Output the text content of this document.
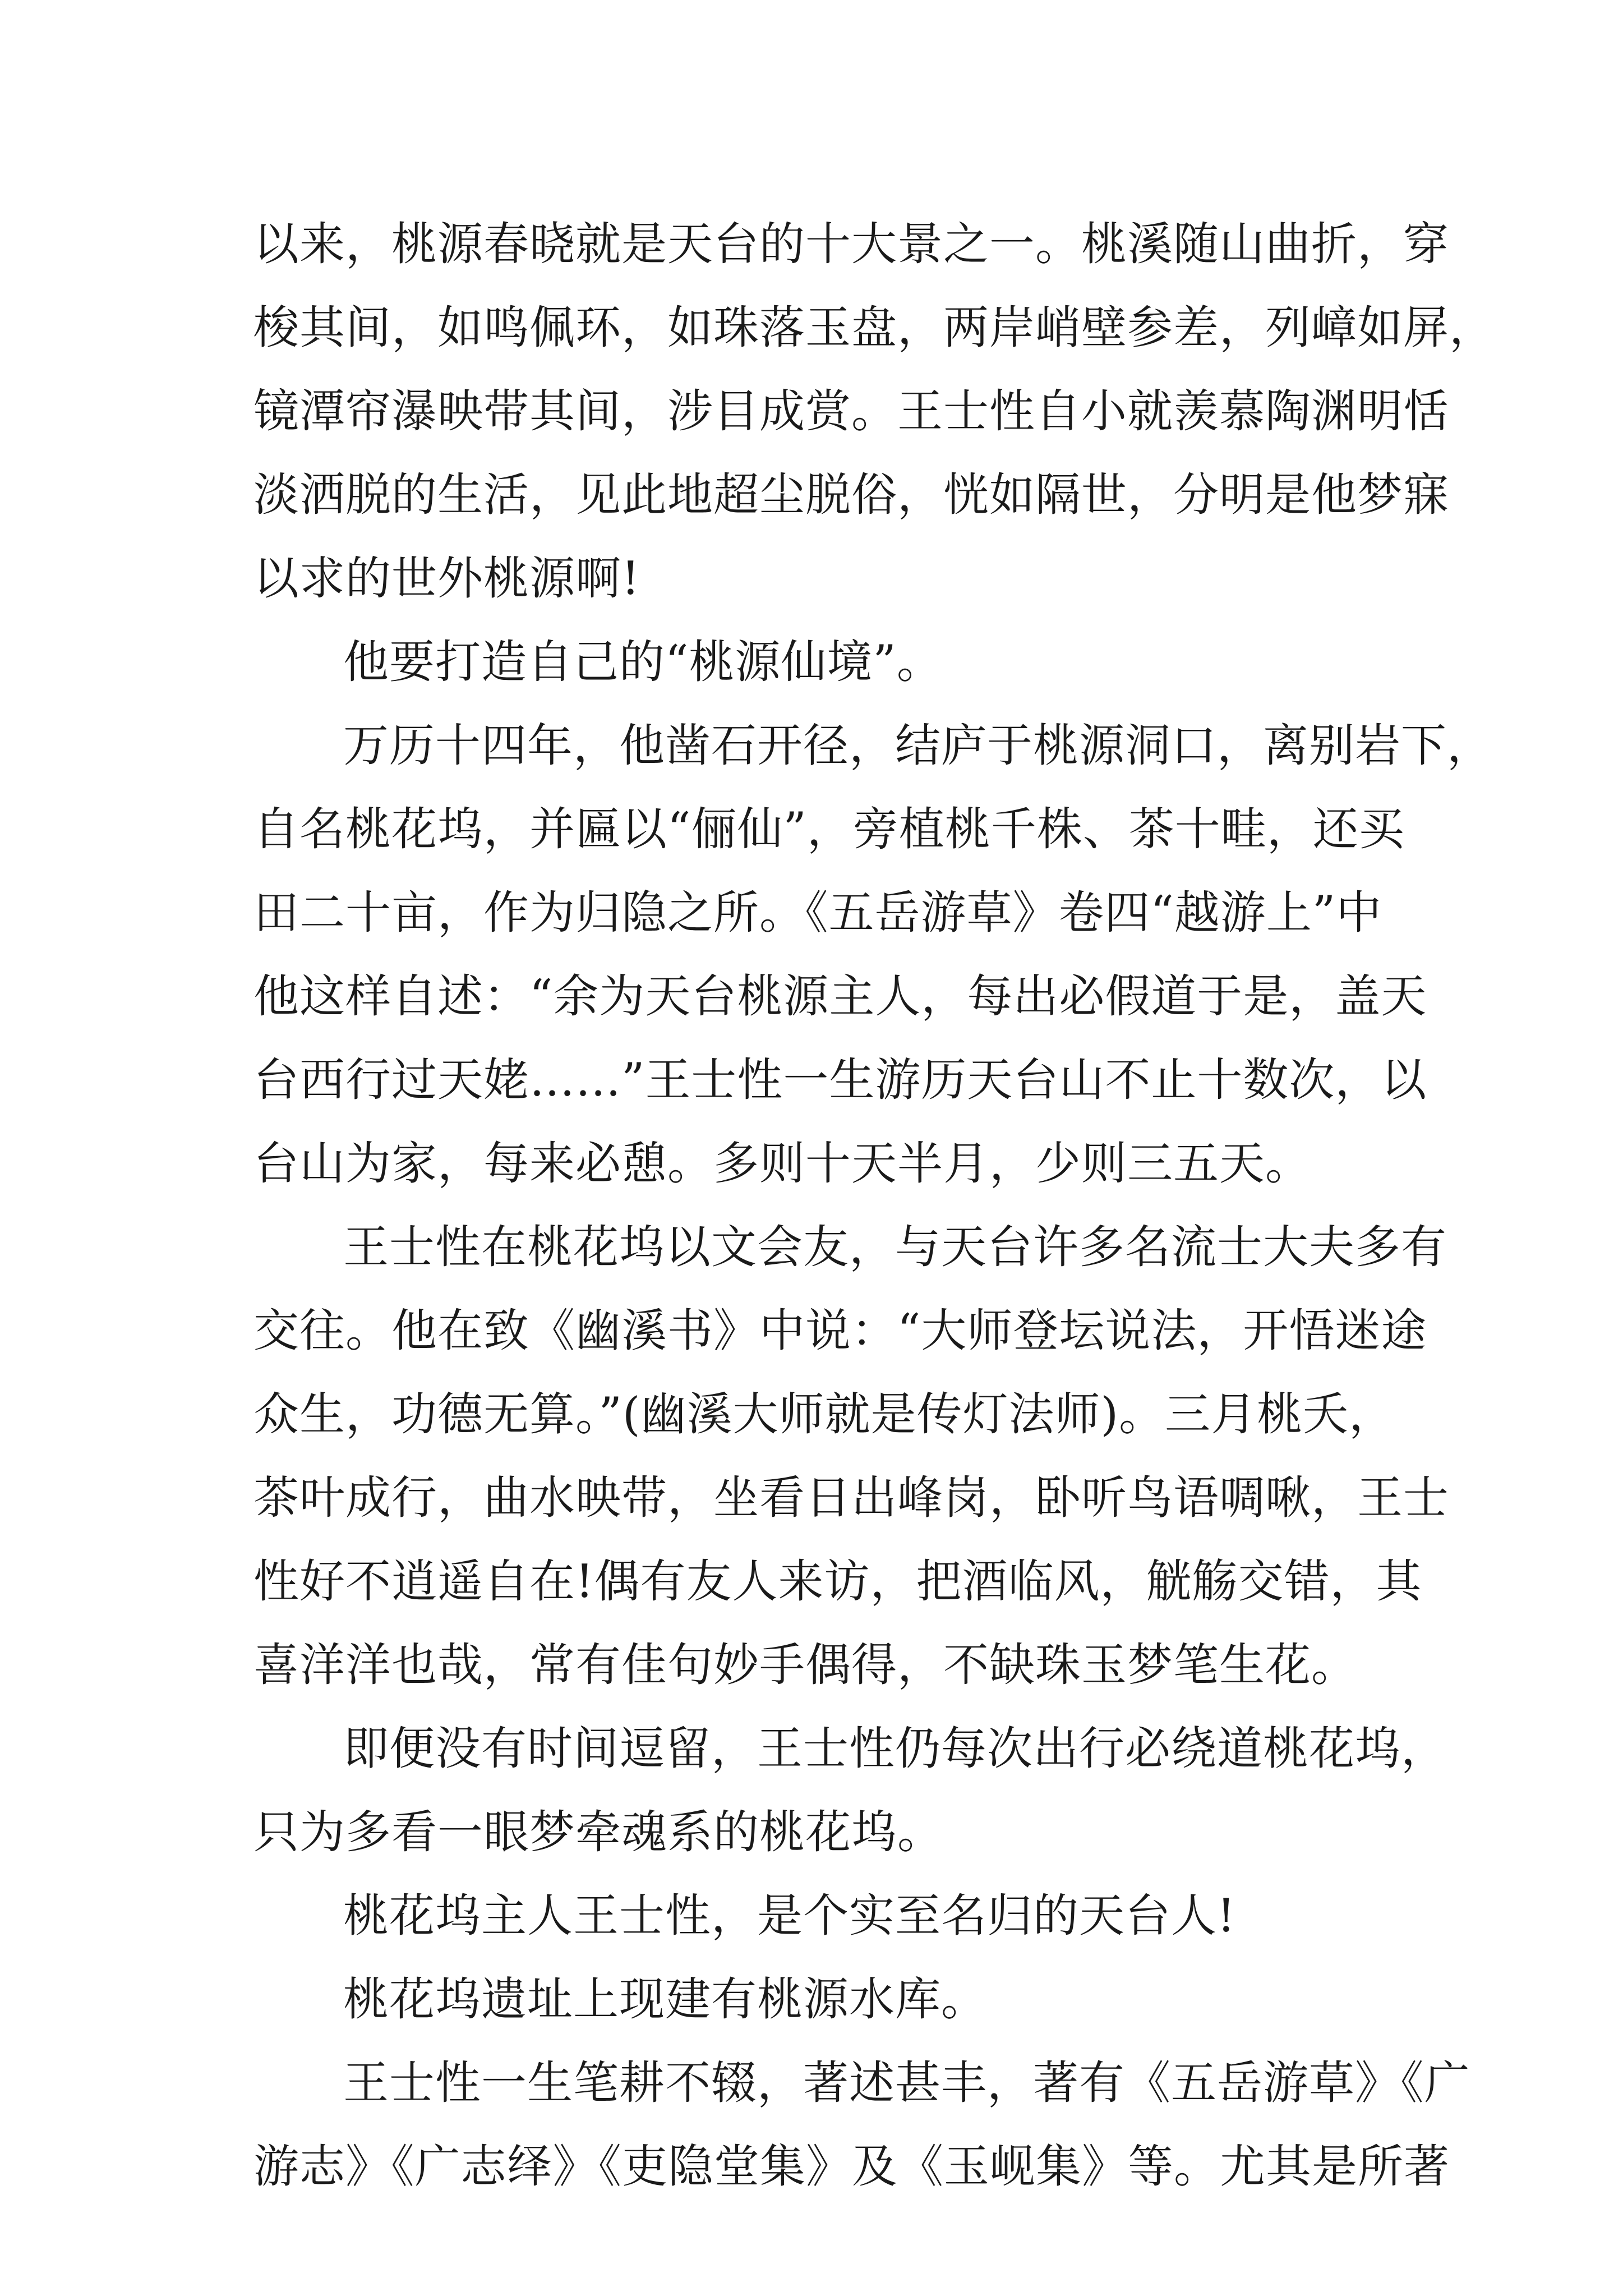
以来，桃源春晓就是天台的十大景之一。桃溪随山曲折，穿
梭其间，如鸣佩环，如珠落玉盘，两岸峭壁参差，列嶂如屏，
镜潭帘瀑映带其间，涉目成赏。王士性自小就羡慕陶渊明恬
淡洒脱的生活，见此地超尘脱俗，恍如隔世，分明是他梦寐
以求的世外桃源啊!
他要打造自己的“桃源仙境”。
万历十四年，他凿石开径，结庐于桃源洞口，离别岩下，
自名桃花坞，并匾以“俪仙”，旁植桃千株、茶十畦，还买
田二十亩，作为归隐之所。《五岳游草》卷四“越游上”中
他这样自述：“余为天台桃源主人，每出必假道于是，盖天
台西行过天姥……”王士性一生游历天台山不止十数次，以
台山为家，每来必憩。多则十天半月，少则三五天。
王士性在桃花坞以文会友，与天台许多名流士大夫多有
交往。他在致《幽溪书》中说：“大师登坛说法，开悟迷途
众生，功德无算。”(幽溪大师就是传灯法师)。三月桃夭，
茶叶成行，曲水映带，坐看日出峰岗，卧听鸟语啁啾，王士
性好不逍遥自在!偶有友人来访，把酒临风，觥觞交错，其
喜洋洋也哉，常有佳句妙手偶得，不缺珠玉梦笔生花。
即便没有时间逗留，王士性仍每次出行必绕道桃花坞，
只为多看一眼梦牵魂系的桃花坞。
桃花坞主人王士性，是个实至名归的天台人!
桃花坞遗址上现建有桃源水库。
王士性一生笔耕不辍，著述甚丰，著有《五岳游草》《广
游志》《广志绎》《吏隐堂集》及《玉岘集》等。尤其是所著
